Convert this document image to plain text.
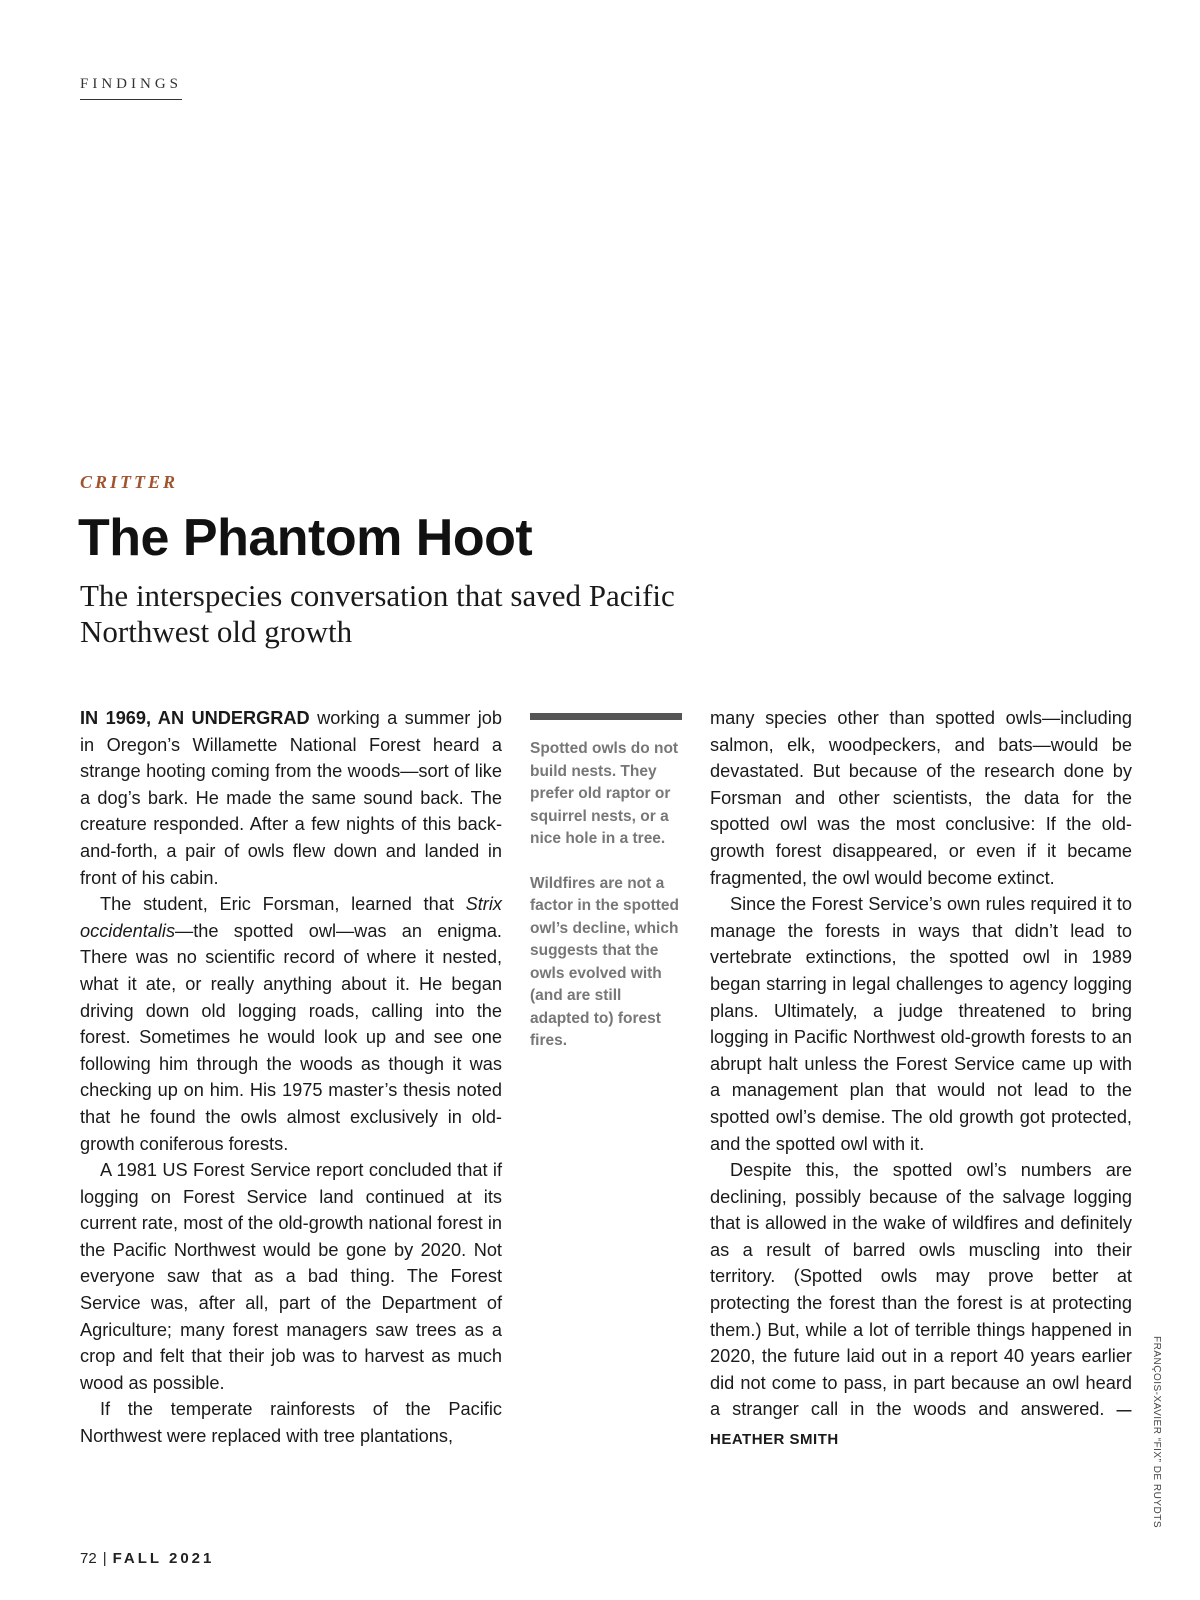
FINDINGS
CRITTER
The Phantom Hoot
The interspecies conversation that saved Pacific Northwest old growth

IN 1969, AN UNDERGRAD working a summer job in Oregon’s Willamette National Forest heard a strange hooting coming from the woods—sort of like a dog’s bark. He made the same sound back. The creature responded. After a few nights of this back-and-forth, a pair of owls flew down and landed in front of his cabin.

The student, Eric Forsman, learned that Strix occidentalis—the spotted owl—was an enigma. There was no scientific record of where it nested, what it ate, or really anything about it. He began driving down old logging roads, calling into the forest. Sometimes he would look up and see one following him through the woods as though it was checking up on him. His 1975 master’s thesis noted that he found the owls almost exclusively in old-growth coniferous forests.

A 1981 US Forest Service report concluded that if logging on Forest Service land continued at its current rate, most of the old-growth national forest in the Pacific Northwest would be gone by 2020. Not everyone saw that as a bad thing. The Forest Service was, after all, part of the Department of Agriculture; many forest managers saw trees as a crop and felt that their job was to harvest as much wood as possible.

If the temperate rainforests of the Pacific Northwest were replaced with tree plantations,

Spotted owls do not build nests. They prefer old raptor or squirrel nests, or a nice hole in a tree.

Wildfires are not a factor in the spotted owl’s decline, which suggests that the owls evolved with (and are still adapted to) forest fires.

many species other than spotted owls—including salmon, elk, woodpeckers, and bats—would be devastated. But because of the research done by Forsman and other scientists, the data for the spotted owl was the most conclusive: If the old-growth forest disappeared, or even if it became fragmented, the owl would become extinct.

Since the Forest Service’s own rules required it to manage the forests in ways that didn’t lead to vertebrate extinctions, the spotted owl in 1989 began starring in legal challenges to agency logging plans. Ultimately, a judge threatened to bring logging in Pacific Northwest old-growth forests to an abrupt halt unless the Forest Service came up with a management plan that would not lead to the spotted owl’s demise. The old growth got protected, and the spotted owl with it.

Despite this, the spotted owl’s numbers are declining, possibly because of the salvage logging that is allowed in the wake of wildfires and definitely as a result of barred owls muscling into their territory. (Spotted owls may prove better at protecting the forest than the forest is at protecting them.) But, while a lot of terrible things happened in 2020, the future laid out in a report 40 years earlier did not come to pass, in part because an owl heard a stranger call in the woods and answered. —HEATHER SMITH	FRANÇOIS-XAVIER “FIX” DE RUYDTS
72 | FALL 2021
